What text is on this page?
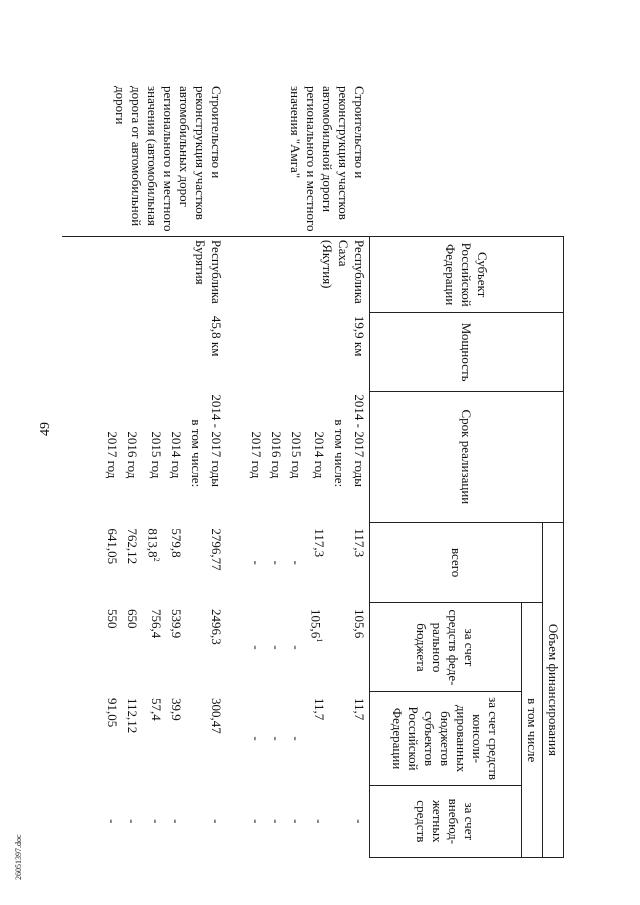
49
26051397.doc
	Субъект Российской Федерации	Мощность	Срок реализации	Объем финансирования			
				всего	в том числе		
					за счет средств феде-рального бюджета	за счет средств консоли-дированных бюджетов субъектов Российской Федерации	за счет внебюд-жетных средств
Строительство и реконструкция участков автомобильной дороги регионального и местного значения "Амга"	Республика Саха (Якутия)	19,9 км	2014 - 2017 годы	117,3	105,6	11,7	-
			в том числе:				
			2014 год	117,3	105,6$^1$	11,7	-
			2015 год	-	-	-	-
			2016 год	-	-	-	-
			2017 год	-	-	-	-
Строительство и реконструкция участков автомобильных дорог регионального и местного значения (автомобильная дорога от автомобильной дороги	Республика Бурятия	45,8 км	2014 - 2017 годы	2796,77	2496,3	300,47	-
			в том числе:				
			2014 год	579,8	539,9	39,9	-
			2015 год	813,8$^2$	756,4	57,4	-
			2016 год	762,12	650	112,12	-
			2017 год	641,05	550	91,05	-
